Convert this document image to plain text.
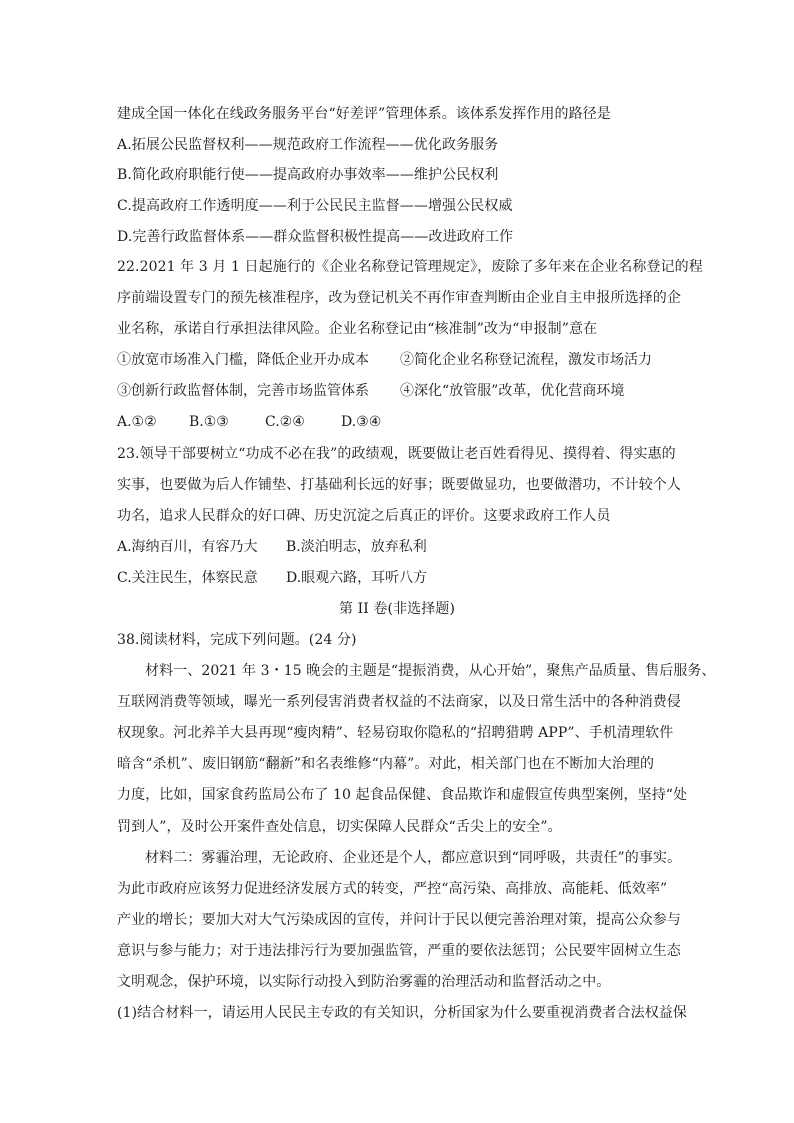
建成全国一体化在线政务服务平台“好差评”管理体系。该体系发挥作用的路径是
A.拓展公民监督权利——规范政府工作流程——优化政务服务
B.简化政府职能行使——提高政府办事效率——维护公民权利
C.提高政府工作透明度——利于公民民主监督——增强公民权威
D.完善行政监督体系——群众监督积极性提高——改进政府工作
22.2021 年 3 月 1 日起施行的《企业名称登记管理规定》，废除了多年来在企业名称登记的程
序前端设置专门的预先核准程序，改为登记机关不再作审查判断由企业自主申报所选择的企
业名称，承诺自行承担法律风险。企业名称登记由“核准制”改为“申报制”意在
①放宽市场准入门槛，降低企业开办成本 ②简化企业名称登记流程，激发市场活力
③创新行政监督体制，完善市场监管体系 ④深化“放管服”改革，优化营商环境
A.①② B.①③	C.②④	D.③④
23.领导干部要树立“功成不必在我”的政绩观，既要做让老百姓看得见、摸得着、得实惠的
实事，也要做为后人作铺垫、打基础利长远的好事；既要做显功，也要做潜功，不计较个人
功名，追求人民群众的好口碑、历史沉淀之后真正的评价。这要求政府工作人员
A.海纳百川，有容乃大 B.淡泊明志，放弃私利
C.关注民生，体察民意 D.眼观六路，耳听八方
第 II 卷(非选择题)
38.阅读材料，完成下列问题。(24 分)
材料一、2021 年 3・15 晚会的主题是“提振消费，从心开始”，聚焦产品质量、售后服务、
互联网消费等领域，曝光一系列侵害消费者权益的不法商家，以及日常生活中的各种消费侵
权现象。河北养羊大县再现“瘦肉精”、轻易窃取你隐私的“招聘猎聘 APP”、手机清理软件
暗含“杀机”、废旧钢筋“翻新”和名表维修“内幕”。对此，相关部门也在不断加大治理的
力度，比如，国家食药监局公布了 10 起食品保健、食品欺诈和虚假宣传典型案例，坚持“处
罚到人”，及时公开案件查处信息，切实保障人民群众“舌尖上的安全”。
材料二：雾霾治理，无论政府、企业还是个人，都应意识到“同呼吸，共责任”的事实。
为此市政府应该努力促进经济发展方式的转变，严控“高污染、高排放、高能耗、低效率”
产业的增长；要加大对大气污染成因的宣传，并问计于民以便完善治理对策，提高公众参与
意识与参与能力；对于违法排污行为要加强监管，严重的要依法惩罚；公民要牢固树立生态
文明观念，保护环境，以实际行动投入到防治雾霾的治理活动和监督活动之中。
(1)结合材料一，请运用人民民主专政的有关知识，分析国家为什么要重视消费者合法权益保
